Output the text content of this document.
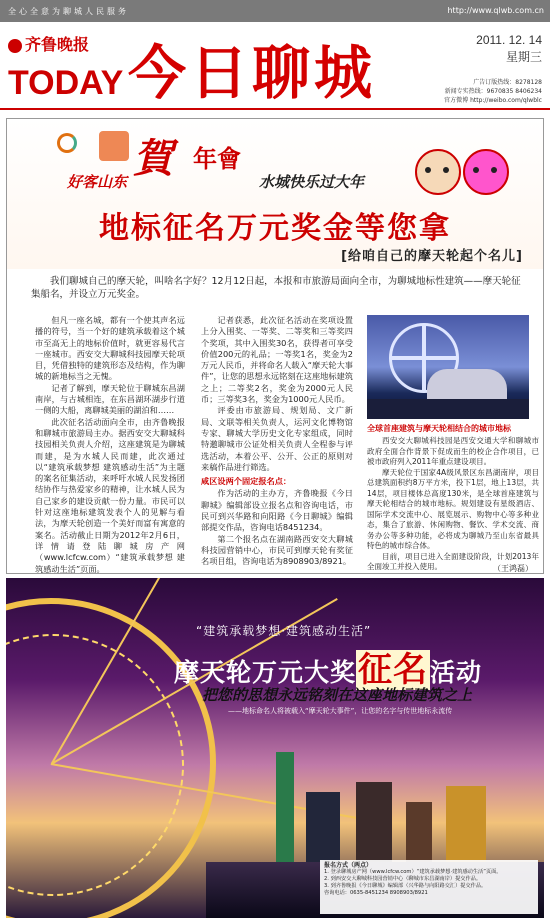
全心全意为聊城人民服务	http://www.qlwb.com.cn
齐鲁晚报
TODAY 今日聊城	2011. 12. 14
星期三
广告订版热线：8278128
新闻专实热线：9670835 8406234
官方微博 http://weibo.com/qlwblc
賀 年會
好客山东	水城快乐过大年
地标征名万元奖金等您拿
[给咱自己的摩天轮起个名儿]

我们聊城自己的摩天轮，叫啥名字好？12月12日起，本报和市旅游局面向全市，为聊城地标性建筑——摩天轮征集船名，并设立万元奖金。

但凡一座名城，都有一个使其声名远播的符号，当一个好的建筑承载着这个城市至高无上的地标价值时，就更容易代言一座城市。西安交大聊城科技园摩天轮项目，凭借独特的建筑形态及结构，作为聊城的新地标当之无愧。

记者了解到，摩天轮位于聊城东昌湖南岸，与古城相连，在东昌湖环湖步行道一侧的大船，离聊城美丽的湖泊和……

此次征名活动面向全市，由齐鲁晚报和聊城市旅游局主办。据西安交大聊城科技园相关负责人介绍，这座建筑是为聊城而建，是为水城人民而建，此次通过以“建筑承载梦想 建筑感动生活”为主题的案名征集活动，来呼吁水城人民发扬团结协作与热爱家乡的精神，让水城人民为自己家乡的建设贡献一份力量。市民可以针对这座地标建筑发表个人的见解与看法，为摩天轮创造一个美好而富有寓意的案名。活动截止日期为2012年2月6日，详情请登陆聊城房产网（www.lcfcw.com）“建筑承载梦想 建筑感动生活”页面。

记者获悉，此次征名活动在奖项设置上分入围奖、一等奖、二等奖和三等奖四个奖项，其中入围奖30名，获得者可享受价值200元的礼品；一等奖1名，奖金为2万元人民币，并将命名人载入“摩天轮大事件”，让您的思想永远铭刻在这座地标建筑之上；二等奖2名，奖金为2000元人民币；三等奖3名，奖金为1000元人民币。

评委由市旅游局、规划局、文广新局、文联等相关负责人，运河文化博物馆专家、聊城大学历史文化专家组成，同时特邀聊城市公证处相关负责人全程参与评选活动，本着公平、公开、公正的原则对来稿作品进行筛选。

咸区设两个固定报名点：

作为活动的主办方，齐鲁晚报《今日聊城》编辑部设立报名点和咨询电话，市民可到兴华路和向阳路《今日聊城》编辑部提交作品，咨询电话8451234。

第二个报名点在湖南路西安交大聊城科技园营销中心，市民可到摩天轮有奖征名项目组，咨询电话为8908903/8921。

全球首座建筑与摩天轮相结合的城市地标

西安交大聊城科技园是西安交通大学和聊城市政府全面合作背景下促成而生的校企合作项目，已被市政府列入2011年重点建设项目。

摩天轮位于国家4A级风景区东昌湖南岸，项目总建筑面积约8万平方米，投下1层，地上13层，共14层，项目楼体总高度130米，是全球首座建筑与摩天轮相结合的城市地标。规划建设有星级酒店、国际学术交流中心、展览展示、购物中心等多种业态，集合了旅游、休闲购物、餐饮、学术交流、商务办公等多种功能，必将成为聊城乃至山东省最具特色的城市综合体。

目前，项目已进入全面建设阶段，计划2013年全面竣工并投入使用。	（王鸿磊）
“建筑承载梦想·建筑感动生活”
摩天轮万元大奖征名活动
把您的思想永远铭刻在这座地标建筑之上
——地标命名人将被载入“摩天轮大事件”，让您的名字与传世地标永流传
报名方式（两点）
1. 登录聊城房产网（www.lcfcw.com）“建筑承载梦想·建筑感动生活”页面。
2. 到西安交大聊城科技园营销中心（聊城市东昌湖南岸）提交作品。
3. 到齐鲁晚报《今日聊城》编辑部（兴华路与向阳路交汇）提交作品。
咨询电话：0635-8451234 8908903/8921
